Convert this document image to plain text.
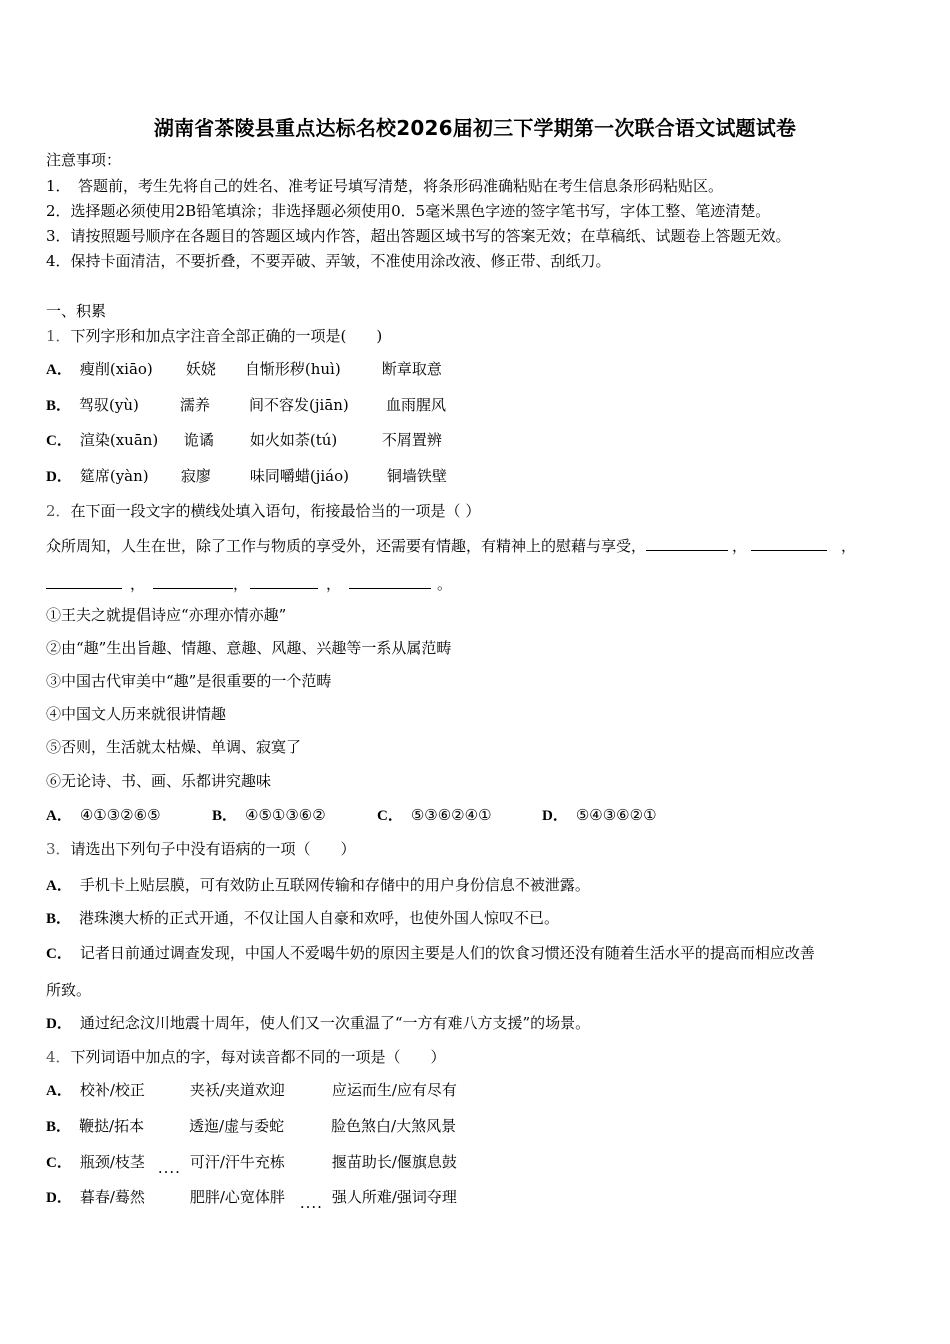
湖南省茶陵县重点达标名校2026届初三下学期第一次联合语文试题试卷
注意事项：
1．　答题前，考生先将自己的姓名、准考证号填写清楚，将条形码准确粘贴在考生信息条形码粘贴区。
2．选择题必须使用2B铅笔填涂；非选择题必须使用0．5毫米黑色字迹的签字笔书写，字体工整、笔迹清楚。
3．请按照题号顺序在各题目的答题区域内作答，超出答题区域书写的答案无效；在草稿纸、试题卷上答题无效。
4．保持卡面清洁，不要折叠，不要弄破、弄皱，不准使用涂改液、修正带、刮纸刀。
一、积累
1．下列字形和加点字注音全部正确的一项是(　　)
A． 瘦削(xiāo) 妖娆 自惭形秽(huì)	断章取意
B． 驾驭(yù)	濡养	间不容发(jiān) 血雨腥风
C． 渲染(xuān) 诡谲 如火如荼(tú)	不屑置辨
D． 筵席(yàn) 寂廖	味同嚼蜡(jiáo)	铜墙铁壁
2．在下面一段文字的横线处填入语句，衔接最恰当的一项是（ ）
众所周知，人生在世，除了工作与物质的享受外，还需要有情趣，有精神上的慰藉与享受，	，	，
，	，	，	。
①王夫之就提倡诗应“亦理亦情亦趣”
②由“趣”生出旨趣、情趣、意趣、风趣、兴趣等一系从属范畴
③中国古代审美中“趣”是很重要的一个范畴
④中国文人历来就很讲情趣
⑤否则，生活就太枯燥、单调、寂寞了
⑥无论诗、书、画、乐都讲究趣味
A． ④①③②⑥⑤	B． ④⑤①③⑥②	C． ⑤③⑥②④①	D． ⑤④③⑥②①
3．请选出下列句子中没有语病的一项（　　）
A． 手机卡上贴层膜，可有效防止互联网传输和存储中的用户身份信息不被泄露。
B． 港珠澳大桥的正式开通，不仅让国人自豪和欢呼，也使外国人惊叹不已。
C． 记者日前通过调查发现，中国人不爱喝牛奶的原因主要是人们的饮食习惯还没有随着生活水平的提高而相应改善
所致。
D． 通过纪念汶川地震十周年，使人们又一次重温了“一方有难八方支援”的场景。
4．下列词语中加点的字，每对读音都不同的一项是（　　）
A． 校补/校正	夹袄/夹道欢迎	应运而生/应有尽有
B． 鞭挞/拓本	透迤/虚与委蛇	脸色煞白/大煞风景
C． 瓶颈/枝茎 .... 可汗/汗牛充栋	揠苗助长/偃旗息鼓
D． 暮春/蓦然	肥胖/心宽体胖 .... 强人所难/强词夺理
